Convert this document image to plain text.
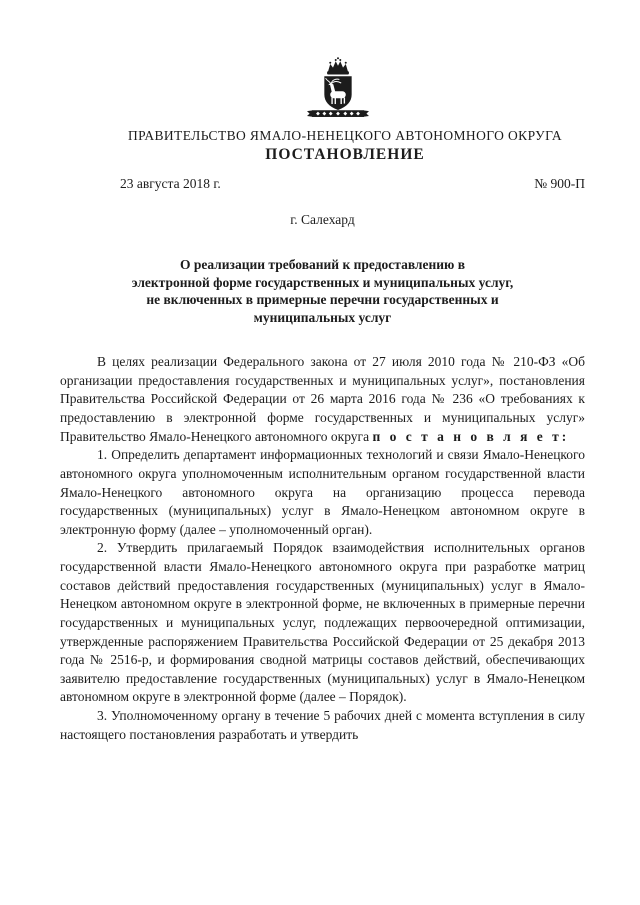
ПРАВИТЕЛЬСТВО ЯМАЛО-НЕНЕЦКОГО АВТОНОМНОГО ОКРУГА
ПОСТАНОВЛЕНИЕ
23 августа 2018 г.	№ 900-П
г. Салехард
О реализации требований к предоставлению в
электронной форме государственных и муниципальных услуг,
не включенных в примерные перечни государственных и
муниципальных услуг

В целях реализации Федерального закона от 27 июля 2010 года № 210-ФЗ «Об организации предоставления государственных и муниципальных услуг», постановления Правительства Российской Федерации от 26 марта 2016 года № 236 «О требованиях к предоставлению в электронной форме государственных и муниципальных услуг» Правительство Ямало-Ненецкого автономного округа п о с т а н о в л я е т:

1. Определить департамент информационных технологий и связи Ямало-Ненецкого автономного округа уполномоченным исполнительным органом государственной власти Ямало-Ненецкого автономного округа на организацию процесса перевода государственных (муниципальных) услуг в Ямало-Ненецком автономном округе в электронную форму (далее – уполномоченный орган).

2. Утвердить прилагаемый Порядок взаимодействия исполнительных органов государственной власти Ямало-Ненецкого автономного округа при разработке матриц составов действий предоставления государственных (муниципальных) услуг в Ямало-Ненецком автономном округе в электронной форме, не включенных в примерные перечни государственных и муниципальных услуг, подлежащих первоочередной оптимизации, утвержденные распоряжением Правительства Российской Федерации от 25 декабря 2013 года № 2516-р, и формирования сводной матрицы составов действий, обеспечивающих заявителю предоставление государственных (муниципальных) услуг в Ямало-Ненецком автономном округе в электронной форме (далее – Порядок).

3. Уполномоченному органу в течение 5 рабочих дней с момента вступления в силу настоящего постановления разработать и утвердить
